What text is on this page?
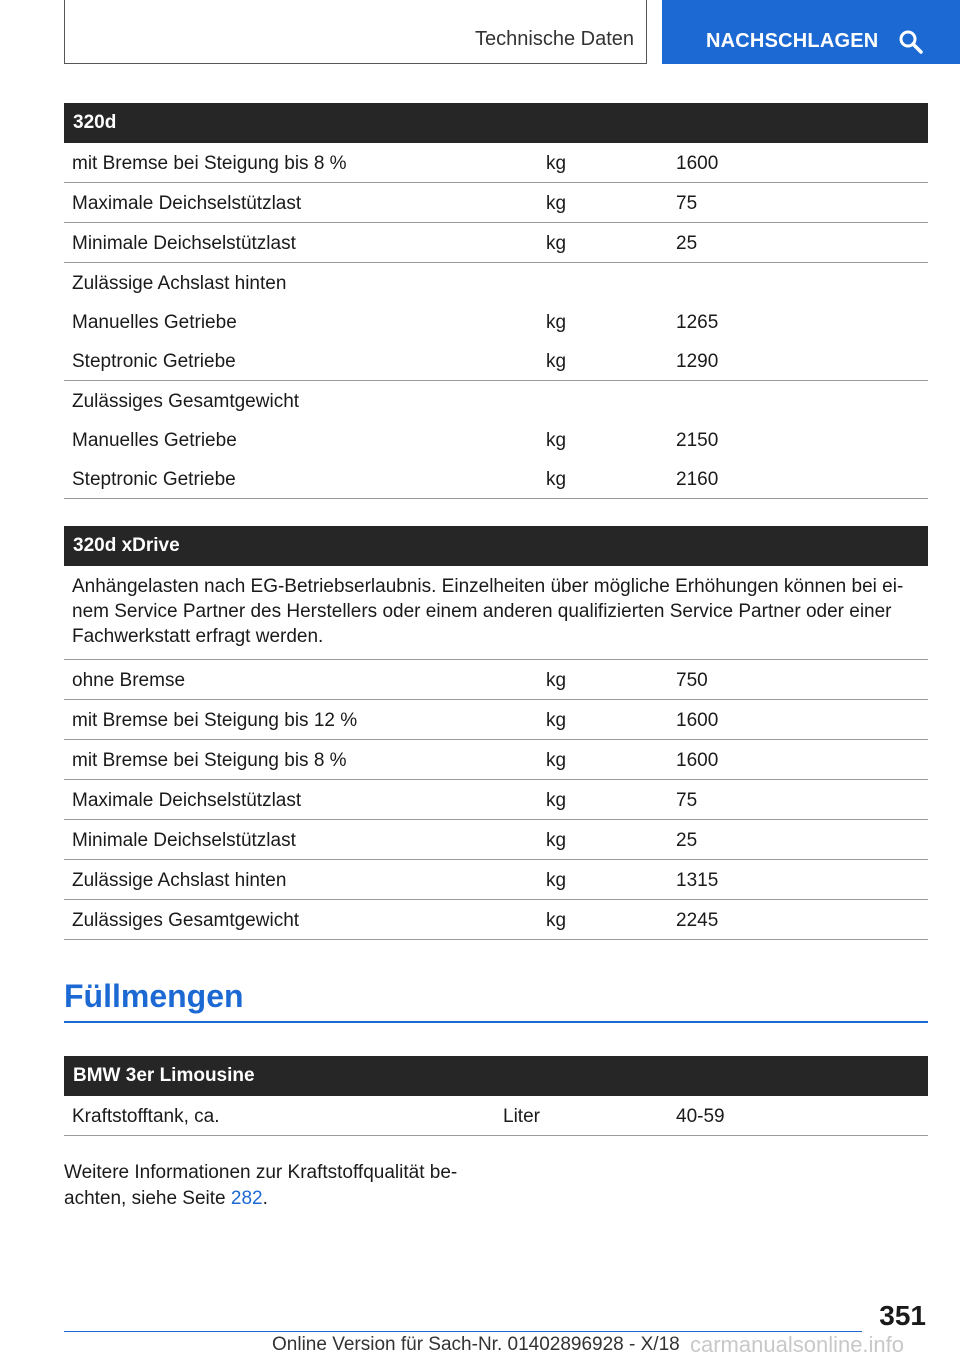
Technische Daten	NACHSCHLAGEN
320d
mit Bremse bei Steigung bis 8 %	kg	1600
Maximale Deichselstützlast	kg	75
Minimale Deichselstützlast	kg	25
Zulässige Achslast hinten
Manuelles Getriebe	kg	1265
Steptronic Getriebe	kg	1290
Zulässiges Gesamtgewicht
Manuelles Getriebe	kg	2150
Steptronic Getriebe	kg	2160
320d xDrive
Anhängelasten nach EG-Betriebserlaubnis. Einzelheiten über mögliche Erhöhungen können bei einem Service Partner des Herstellers oder einem anderen qualifizierten Service Partner oder einer Fachwerkstatt erfragt werden.
ohne Bremse	kg	750
mit Bremse bei Steigung bis 12 %	kg	1600
mit Bremse bei Steigung bis 8 %	kg	1600
Maximale Deichselstützlast	kg	75
Minimale Deichselstützlast	kg	25
Zulässige Achslast hinten	kg	1315
Zulässiges Gesamtgewicht	kg	2245
Füllmengen
BMW 3er Limousine
Kraftstofftank, ca.	Liter	40-59
Weitere Informationen zur Kraftstoffqualität beachten, siehe Seite 282.
351
Online Version für Sach-Nr. 01402896928 - X/18 carmanualsonline.info
